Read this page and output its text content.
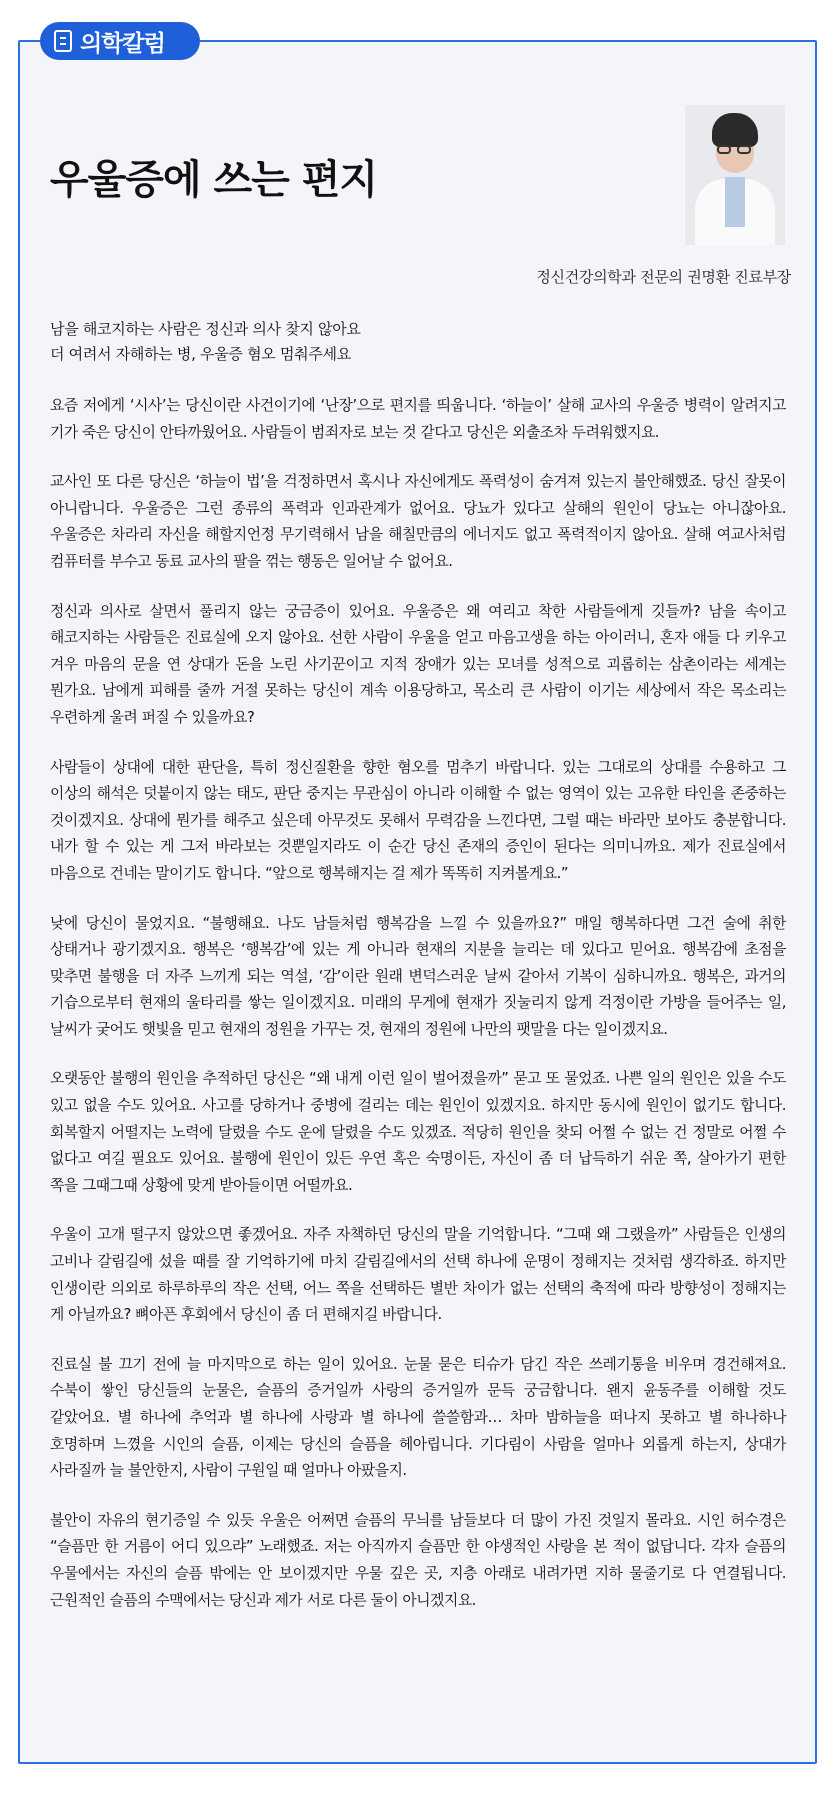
의학칼럼
우울증에 쓰는 편지
정신건강의학과 전문의 권명환 진료부장
남을 해코지하는 사람은 정신과 의사 찾지 않아요
더 여려서 자해하는 병, 우울증 혐오 멈춰주세요

요즘 저에게 ‘시사’는 당신이란 사건이기에 ‘난장’으로 편지를 띄웁니다. ‘하늘이’ 살해 교사의 우울증 병력이 알려지고 기가 죽은 당신이 안타까웠어요. 사람들이 범죄자로 보는 것 같다고 당신은 외출조차 두려워했지요.

교사인 또 다른 당신은 ‘하늘이 법’을 걱정하면서 혹시나 자신에게도 폭력성이 숨겨져 있는지 불안해했죠. 당신 잘못이 아니랍니다. 우울증은 그런 종류의 폭력과 인과관계가 없어요. 당뇨가 있다고 살해의 원인이 당뇨는 아니잖아요. 우울증은 차라리 자신을 해할지언정 무기력해서 남을 해칠만큼의 에너지도 없고 폭력적이지 않아요. 살해 여교사처럼 컴퓨터를 부수고 동료 교사의 팔을 꺾는 행동은 일어날 수 없어요.

정신과 의사로 살면서 풀리지 않는 궁금증이 있어요. 우울증은 왜 여리고 착한 사람들에게 깃들까? 남을 속이고 해코지하는 사람들은 진료실에 오지 않아요. 선한 사람이 우울을 얻고 마음고생을 하는 아이러니, 혼자 애들 다 키우고 겨우 마음의 문을 연 상대가 돈을 노린 사기꾼이고 지적 장애가 있는 모녀를 성적으로 괴롭히는 삼촌이라는 세계는 뭔가요. 남에게 피해를 줄까 거절 못하는 당신이 계속 이용당하고, 목소리 큰 사람이 이기는 세상에서 작은 목소리는 우련하게 울려 퍼질 수 있을까요?

사람들이 상대에 대한 판단을, 특히 정신질환을 향한 혐오를 멈추기 바랍니다. 있는 그대로의 상대를 수용하고 그 이상의 해석은 덧붙이지 않는 태도, 판단 중지는 무관심이 아니라 이해할 수 없는 영역이 있는 고유한 타인을 존중하는 것이겠지요. 상대에 뭔가를 해주고 싶은데 아무것도 못해서 무력감을 느낀다면, 그럴 때는 바라만 보아도 충분합니다. 내가 할 수 있는 게 그저 바라보는 것뿐일지라도 이 순간 당신 존재의 증인이 된다는 의미니까요. 제가 진료실에서 마음으로 건네는 말이기도 합니다. “앞으로 행복해지는 걸 제가 똑똑히 지켜볼게요.”

낮에 당신이 물었지요. “불행해요. 나도 남들처럼 행복감을 느낄 수 있을까요?” 매일 행복하다면 그건 술에 취한 상태거나 광기겠지요. 행복은 ‘행복감’에 있는 게 아니라 현재의 지분을 늘리는 데 있다고 믿어요. 행복감에 초점을 맞추면 불행을 더 자주 느끼게 되는 역설, ‘감’이란 원래 변덕스러운 날씨 같아서 기복이 심하니까요. 행복은, 과거의 기습으로부터 현재의 울타리를 쌓는 일이겠지요. 미래의 무게에 현재가 짓눌리지 않게 걱정이란 가방을 들어주는 일, 날씨가 궂어도 햇빛을 믿고 현재의 정원을 가꾸는 것, 현재의 정원에 나만의 팻말을 다는 일이겠지요.

오랫동안 불행의 원인을 추적하던 당신은 “왜 내게 이런 일이 벌어졌을까” 묻고 또 물었죠. 나쁜 일의 원인은 있을 수도 있고 없을 수도 있어요. 사고를 당하거나 중병에 걸리는 데는 원인이 있겠지요. 하지만 동시에 원인이 없기도 합니다. 회복할지 어떨지는 노력에 달렸을 수도 운에 달렸을 수도 있겠죠. 적당히 원인을 찾되 어쩔 수 없는 건 정말로 어쩔 수 없다고 여길 필요도 있어요. 불행에 원인이 있든 우연 혹은 숙명이든, 자신이 좀 더 납득하기 쉬운 쪽, 살아가기 편한 쪽을 그때그때 상황에 맞게 받아들이면 어떨까요.

우울이 고개 떨구지 않았으면 좋겠어요. 자주 자책하던 당신의 말을 기억합니다. “그때 왜 그랬을까” 사람들은 인생의 고비나 갈림길에 섰을 때를 잘 기억하기에 마치 갈림길에서의 선택 하나에 운명이 정해지는 것처럼 생각하죠. 하지만 인생이란 의외로 하루하루의 작은 선택, 어느 쪽을 선택하든 별반 차이가 없는 선택의 축적에 따라 방향성이 정해지는 게 아닐까요? 뼈아픈 후회에서 당신이 좀 더 편해지길 바랍니다.

진료실 불 끄기 전에 늘 마지막으로 하는 일이 있어요. 눈물 묻은 티슈가 담긴 작은 쓰레기통을 비우며 경건해져요. 수북이 쌓인 당신들의 눈물은, 슬픔의 증거일까 사랑의 증거일까 문득 궁금합니다. 왠지 윤동주를 이해할 것도 같았어요. 별 하나에 추억과 별 하나에 사랑과 별 하나에 쓸쓸함과… 차마 밤하늘을 떠나지 못하고 별 하나하나 호명하며 느꼈을 시인의 슬픔, 이제는 당신의 슬픔을 헤아립니다. 기다림이 사람을 얼마나 외롭게 하는지, 상대가 사라질까 늘 불안한지, 사람이 구원일 때 얼마나 아팠을지.

불안이 자유의 현기증일 수 있듯 우울은 어쩌면 슬픔의 무늬를 남들보다 더 많이 가진 것일지 몰라요. 시인 허수경은 “슬픔만 한 거름이 어디 있으랴” 노래했죠. 저는 아직까지 슬픔만 한 야생적인 사랑을 본 적이 없답니다. 각자 슬픔의 우물에서는 자신의 슬픔 밖에는 안 보이겠지만 우물 깊은 곳, 지층 아래로 내려가면 지하 물줄기로 다 연결됩니다. 근원적인 슬픔의 수맥에서는 당신과 제가 서로 다른 둘이 아니겠지요.
